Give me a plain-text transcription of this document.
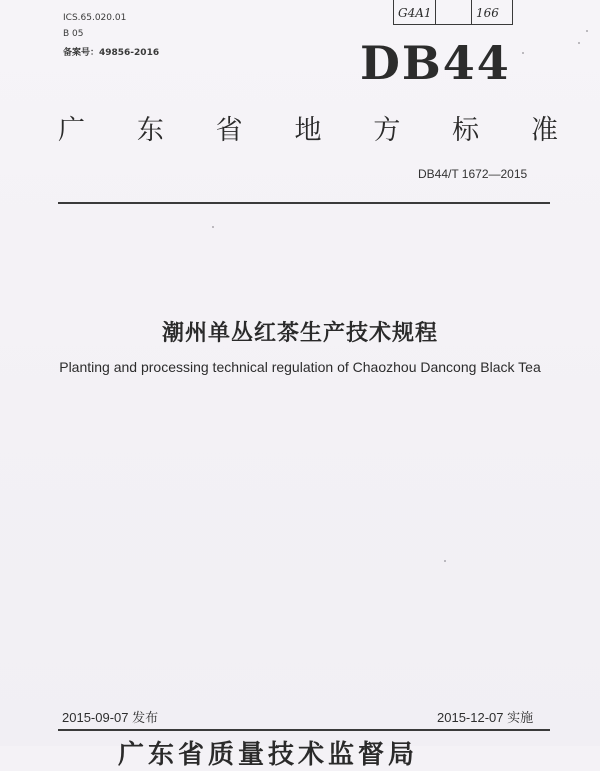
G4A1	166
ICS.65.020.01
B 05
备案号：49856-2016	DB44
广 东 省 地 方 标 准
DB44/T 1672—2015
潮州单丛红茶生产技术规程
Planting and processing technical regulation of Chaozhou Dancong Black Tea
2015-09-07 发布	2015-12-07 实施
广东省质量技术监督局
